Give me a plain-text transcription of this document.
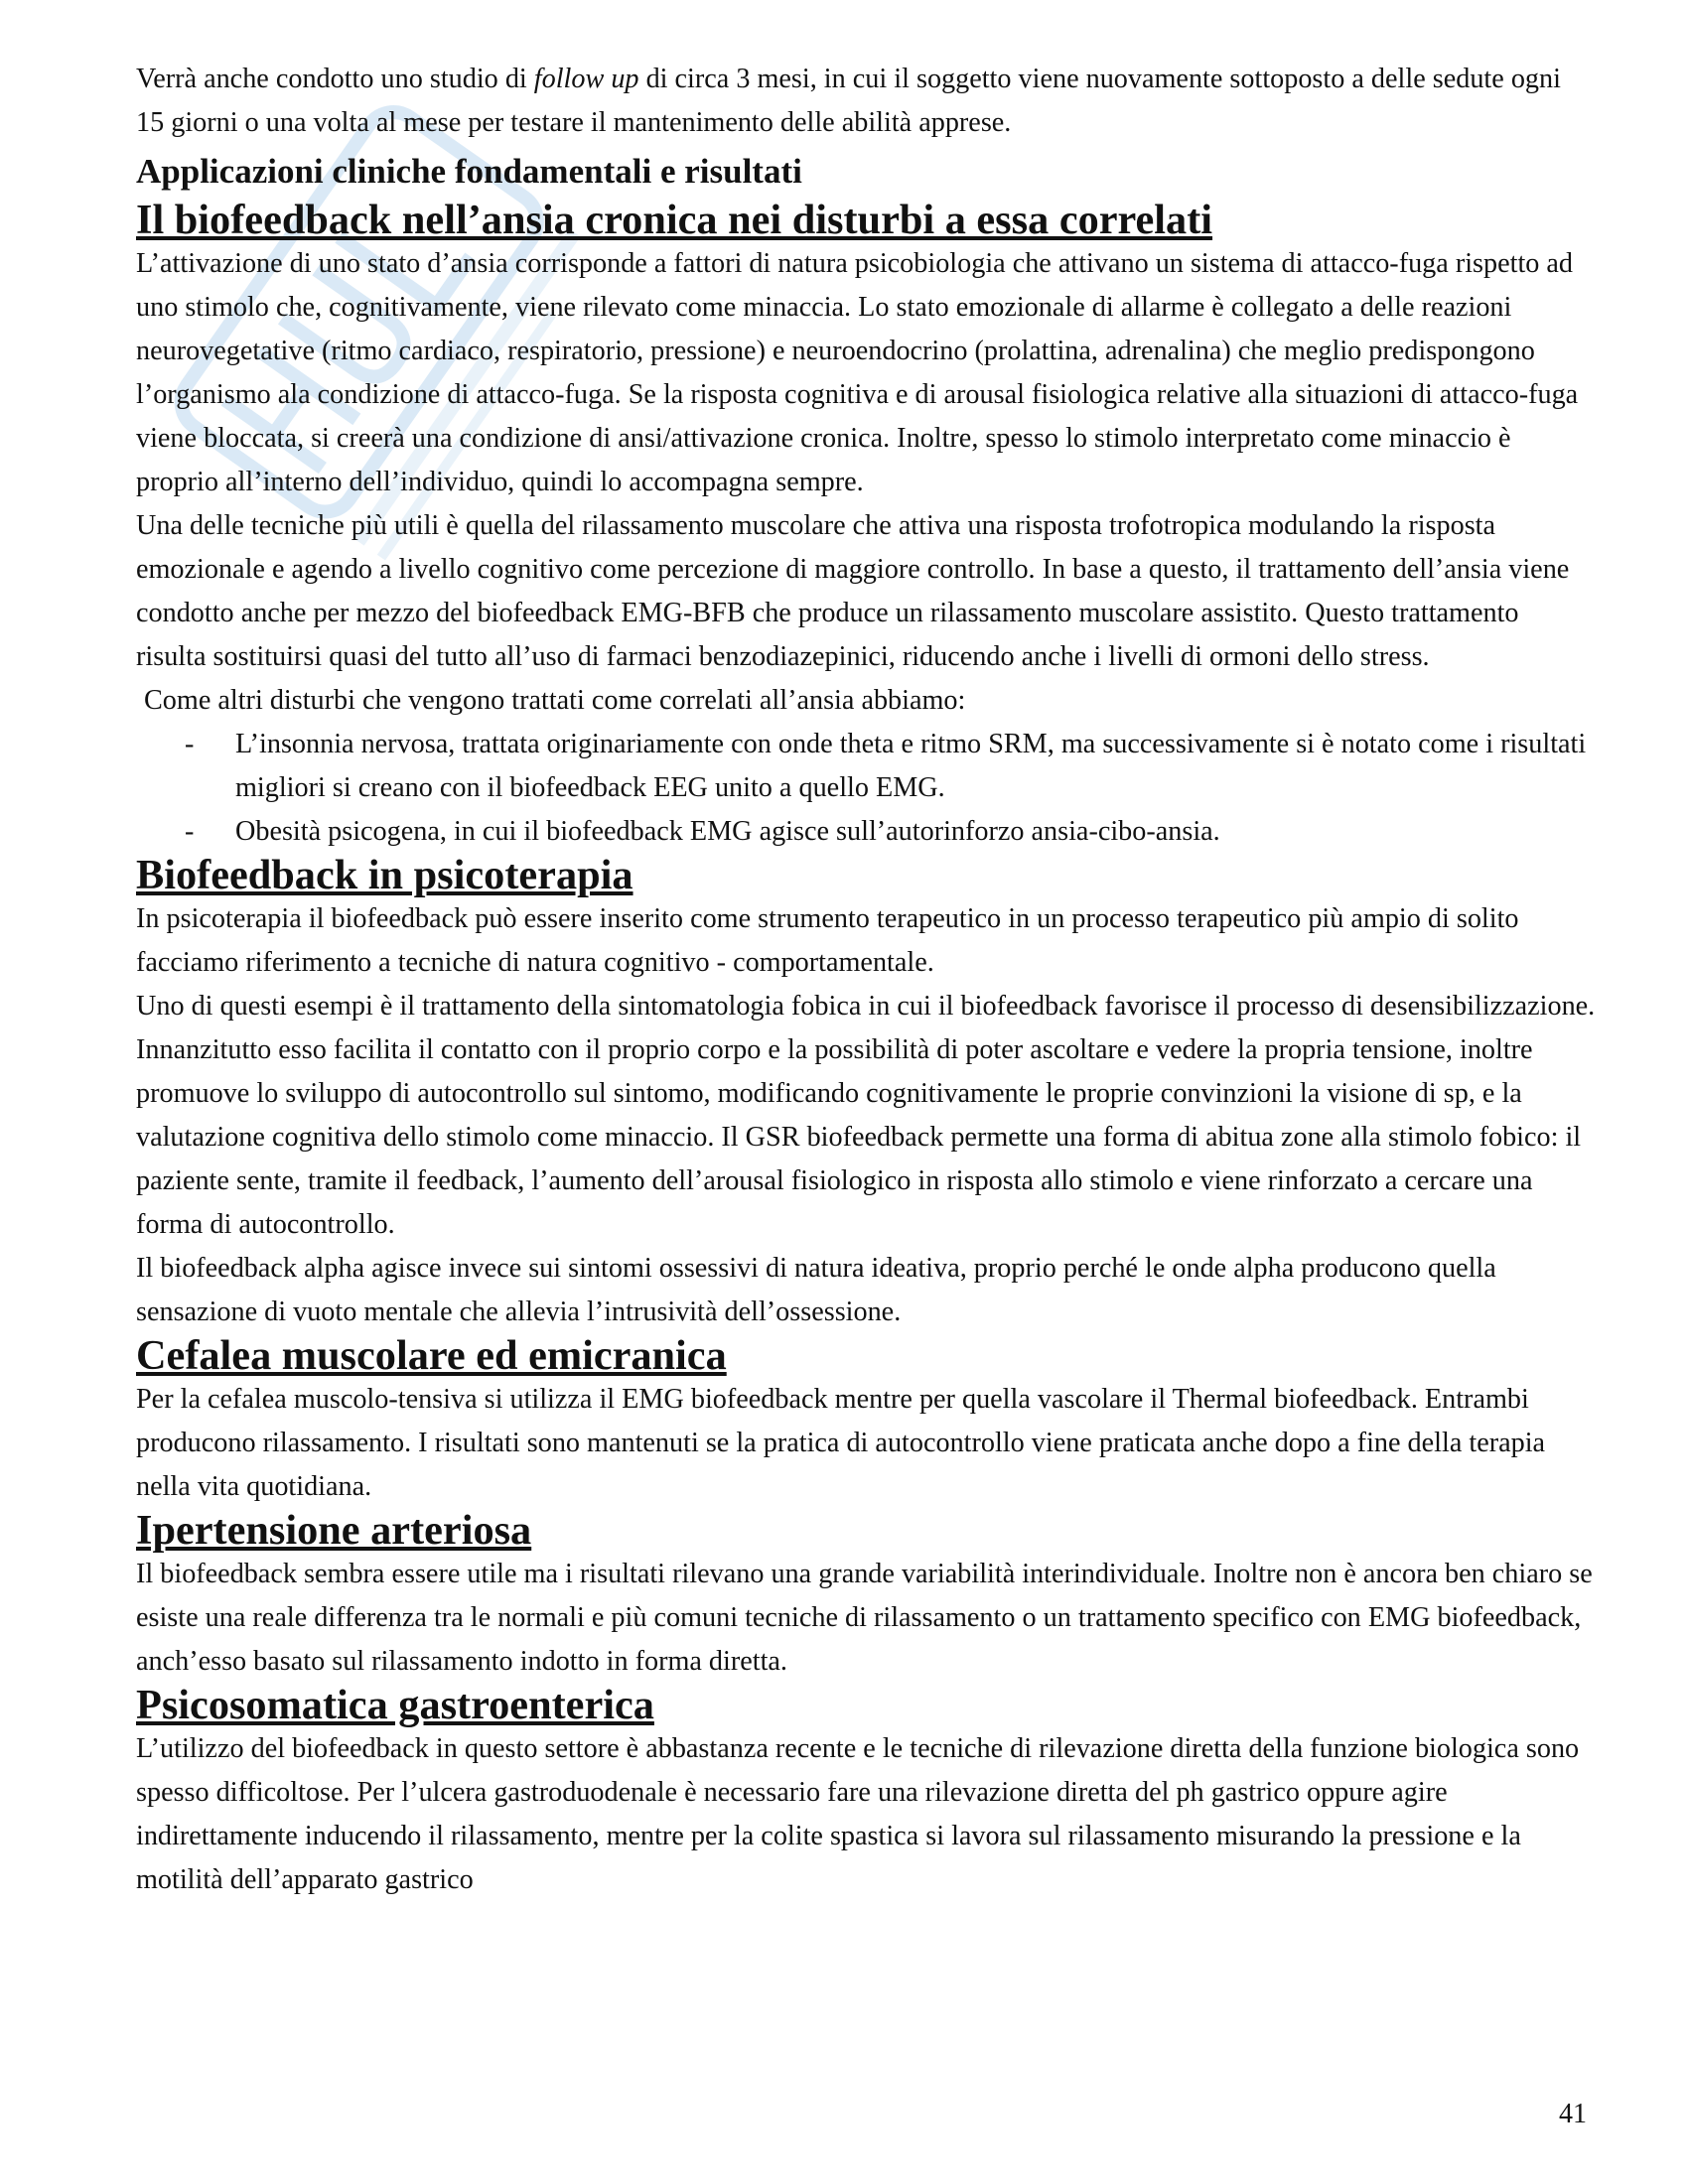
Verrà anche condotto uno studio di follow up di circa 3 mesi, in cui il soggetto viene nuovamente sottoposto a delle sedute ogni 15 giorni o una volta al mese per testare il mantenimento delle abilità apprese.

Applicazioni cliniche fondamentali e risultati
Il biofeedback nell’ansia cronica nei disturbi a essa correlati

L’attivazione di uno stato d’ansia corrisponde a fattori di natura psicobiologia che attivano un sistema di attacco-fuga rispetto ad uno stimolo che, cognitivamente, viene rilevato come minaccia. Lo stato emozionale di allarme è collegato a delle reazioni neurovegetative (ritmo cardiaco, respiratorio, pressione) e neuroendocrino (prolattina, adrenalina) che meglio predispongono l’organismo ala condizione di attacco-fuga. Se la risposta cognitiva e di arousal fisiologica relative alla situazioni di attacco-fuga viene bloccata, si creerà una condizione di ansi/attivazione cronica. Inoltre, spesso lo stimolo interpretato come minaccio è proprio all’interno dell’individuo, quindi lo accompagna sempre.

Una delle tecniche più utili è quella del rilassamento muscolare che attiva una risposta trofotropica modulando la risposta emozionale e agendo a livello cognitivo come percezione di maggiore controllo. In base a questo, il trattamento dell’ansia viene condotto anche per mezzo del biofeedback EMG-BFB che produce un rilassamento muscolare assistito. Questo trattamento risulta sostituirsi quasi del tutto all’uso di farmaci benzodiazepinici, riducendo anche i livelli di ormoni dello stress.

Come altri disturbi che vengono trattati come correlati all’ansia abbiamo:

- L’insonnia nervosa, trattata originariamente con onde theta e ritmo SRM, ma successivamente si è notato come i risultati migliori si creano con il biofeedback EEG unito a quello EMG.
- Obesità psicogena, in cui il biofeedback EMG agisce sull’autorinforzo ansia-cibo-ansia.
Biofeedback in psicoterapia

In psicoterapia il biofeedback può essere inserito come strumento terapeutico in un processo terapeutico più ampio di solito facciamo riferimento a tecniche di natura cognitivo - comportamentale.

Uno di questi esempi è il trattamento della sintomatologia fobica in cui il biofeedback favorisce il processo di desensibilizzazione. Innanzitutto esso facilita il contatto con il proprio corpo e la possibilità di poter ascoltare e vedere la propria tensione, inoltre promuove lo sviluppo di autocontrollo sul sintomo, modificando cognitivamente le proprie convinzioni la visione di sp, e la valutazione cognitiva dello stimolo come minaccio. Il GSR biofeedback permette una forma di abitua zone alla stimolo fobico: il paziente sente, tramite il feedback, l’aumento dell’arousal fisiologico in risposta allo stimolo e viene rinforzato a cercare una forma di autocontrollo.

Il biofeedback alpha agisce invece sui sintomi ossessivi di natura ideativa, proprio perché le onde alpha producono quella sensazione di vuoto mentale che allevia l’intrusività dell’ossessione.

Cefalea muscolare ed emicranica

Per la cefalea muscolo-tensiva si utilizza il EMG biofeedback mentre per quella vascolare il Thermal biofeedback. Entrambi producono rilassamento. I risultati sono mantenuti se la pratica di autocontrollo viene praticata anche dopo a fine della terapia nella vita quotidiana.

Ipertensione arteriosa

Il biofeedback sembra essere utile ma i risultati rilevano una grande variabilità interindividuale. Inoltre non è ancora ben chiaro se esiste una reale differenza tra le normali e più comuni tecniche di rilassamento o un trattamento specifico con EMG biofeedback, anch’esso basato sul rilassamento indotto in forma diretta.

Psicosomatica gastroenterica

L’utilizzo del biofeedback in questo settore è abbastanza recente e le tecniche di rilevazione diretta della funzione biologica sono spesso difficoltose. Per l’ulcera gastroduodenale è necessario fare una rilevazione diretta del ph gastrico oppure agire indirettamente inducendo il rilassamento, mentre per la colite spastica si lavora sul rilassamento misurando la pressione e la motilità dell’apparato gastrico

41
